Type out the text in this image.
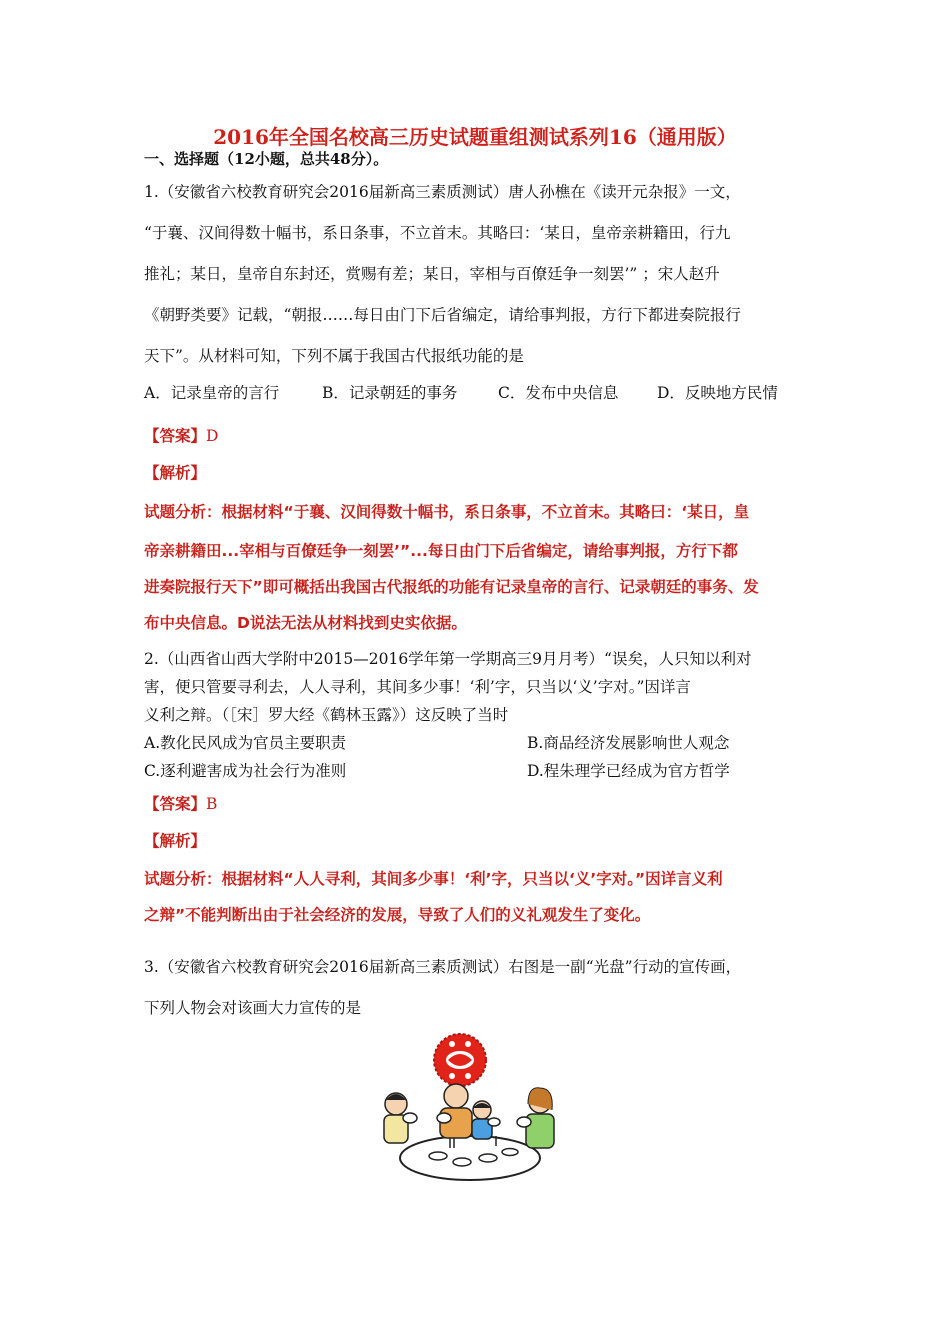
2016年全国名校高三历史试题重组测试系列16（通用版）
一、选择题（12小题，总共48分）。
1.（安徽省六校教育研究会2016届新高三素质测试）唐人孙樵在《读开元杂报》一文，
“于襄、汉间得数十幅书，系日条事，不立首末。其略曰：‘某日，皇帝亲耕籍田，行九
推礼；某日，皇帝自东封还，赏赐有差；某日，宰相与百僚廷争一刻罢’” ；宋人赵升
《朝野类要》记载，“朝报……每日由门下后省编定，请给事判报，方行下都进奏院报行
天下”。从材料可知，下列不属于我国古代报纸功能的是
A．记录皇帝的言行	B．记录朝廷的事务	C．发布中央信息 D．反映地方民情
【答案】D
【解析】
试题分析：根据材料“于襄、汉间得数十幅书，系日条事，不立首末。其略曰：‘某日，皇
帝亲耕籍田...宰相与百僚廷争一刻罢’”...每日由门下后省编定，请给事判报，方行下都
进奏院报行天下”即可概括出我国古代报纸的功能有记录皇帝的言行、记录朝廷的事务、发
布中央信息。D说法无法从材料找到史实依据。
2.（山西省山西大学附中2015—2016学年第一学期高三9月月考）“误矣，人只知以利对
害，便只管要寻利去，人人寻利，其间多少事！‘利’字，只当以‘义’字对。”因详言
义利之辩。（［宋］罗大经《鹤林玉露》）这反映了当时
A.教化民风成为官员主要职责	B.商品经济发展影响世人观念
C.逐利避害成为社会行为准则	D.程朱理学已经成为官方哲学
【答案】B
【解析】
试题分析：根据材料“人人寻利，其间多少事！‘利’字，只当以‘义’字对。”因详言义利
之辩”不能判断出由于社会经济的发展，导致了人们的义礼观发生了变化。
3.（安徽省六校教育研究会2016届新高三素质测试）右图是一副“光盘”行动的宣传画，
下列人物会对该画大力宣传的是
